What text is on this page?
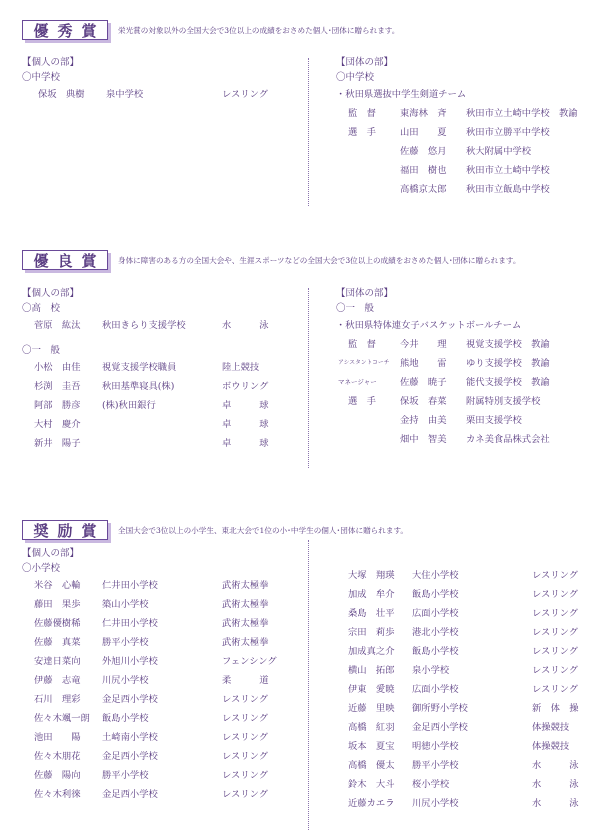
優秀賞	栄光賞の対象以外の全国大会で3位以上の成績をおさめた個人･団体に贈られます。
【個人の部】
〇中学校
保坂　典樹 泉中学校	レスリング
【団体の部】
〇中学校
・秋田県選抜中学生剣道チーム
監　督	東海林　斉 秋田市立土崎中学校　教諭
選　手	山田　　夏 秋田市立勝平中学校
佐藤　悠月 秋大附属中学校
福田　樹也 秋田市立土崎中学校
高橋京太郎 秋田市立飯島中学校
優良賞	身体に障害のある方の全国大会や、生涯スポーツなどの全国大会で3位以上の成績をおさめた個人･団体に贈られます。
【個人の部】
〇高　校
菅原　紘汰 秋田きらり支援学校	水　　　泳
〇一　般
小松　由佳 視覚支援学校職員	陸上競技
杉渕　圭吾 秋田基準寝具(株)	ボウリング
阿部　勝彦 (株)秋田銀行	卓　　　球
大村　慶介	卓　　　球
新井　陽子	卓　　　球
【団体の部】
〇一　般
・秋田県特体連女子バスケットボールチーム
監　督	今井　　理 視覚支援学校　教諭
アシスタントコーチ 熊地　　雷 ゆり支援学校　教諭
マネージャー	佐藤　暁子 能代支援学校　教諭
選　手	保坂　春菜 附属特別支援学校
金持　由美 栗田支援学校
畑中　智美 カネ美食品株式会社
奨励賞	全国大会で3位以上の小学生、東北大会で1位の小･中学生の個人･団体に贈られます。
【個人の部】
〇小学校
米谷　心輪 仁井田小学校	武術太極拳
藤田　果歩 築山小学校	武術太極拳
佐藤優樹稀 仁井田小学校	武術太極拳
佐藤　真菜 勝平小学校	武術太極拳
安達日菜向 外旭川小学校	フェンシング
伊藤　志竜 川尻小学校	柔　　　道
石川　理彩 金足西小学校	レスリング
佐々木颯一朗 飯島小学校	レスリング
池田　　陽 土崎南小学校	レスリング
佐々木朋花 金足西小学校	レスリング
佐藤　陽向 勝平小学校	レスリング
佐々木利徠 金足西小学校	レスリング
大塚　翔瑛 大住小学校	レスリング
加成　牟介 飯島小学校	レスリング
桑島　壮平 広面小学校	レスリング
宗田　莉歩 港北小学校	レスリング
加成真之介 飯島小学校	レスリング
横山　拓郎 泉小学校	レスリング
伊東　愛暁 広面小学校	レスリング
近藤　里映 御所野小学校	新　体　操
高橋　紅羽 金足西小学校	体操競技
坂本　夏宝 明徳小学校	体操競技
高橋　優太 勝平小学校	水　　　泳
鈴木　大斗 桜小学校	水　　　泳
近藤カエラ 川尻小学校	水　　　泳
